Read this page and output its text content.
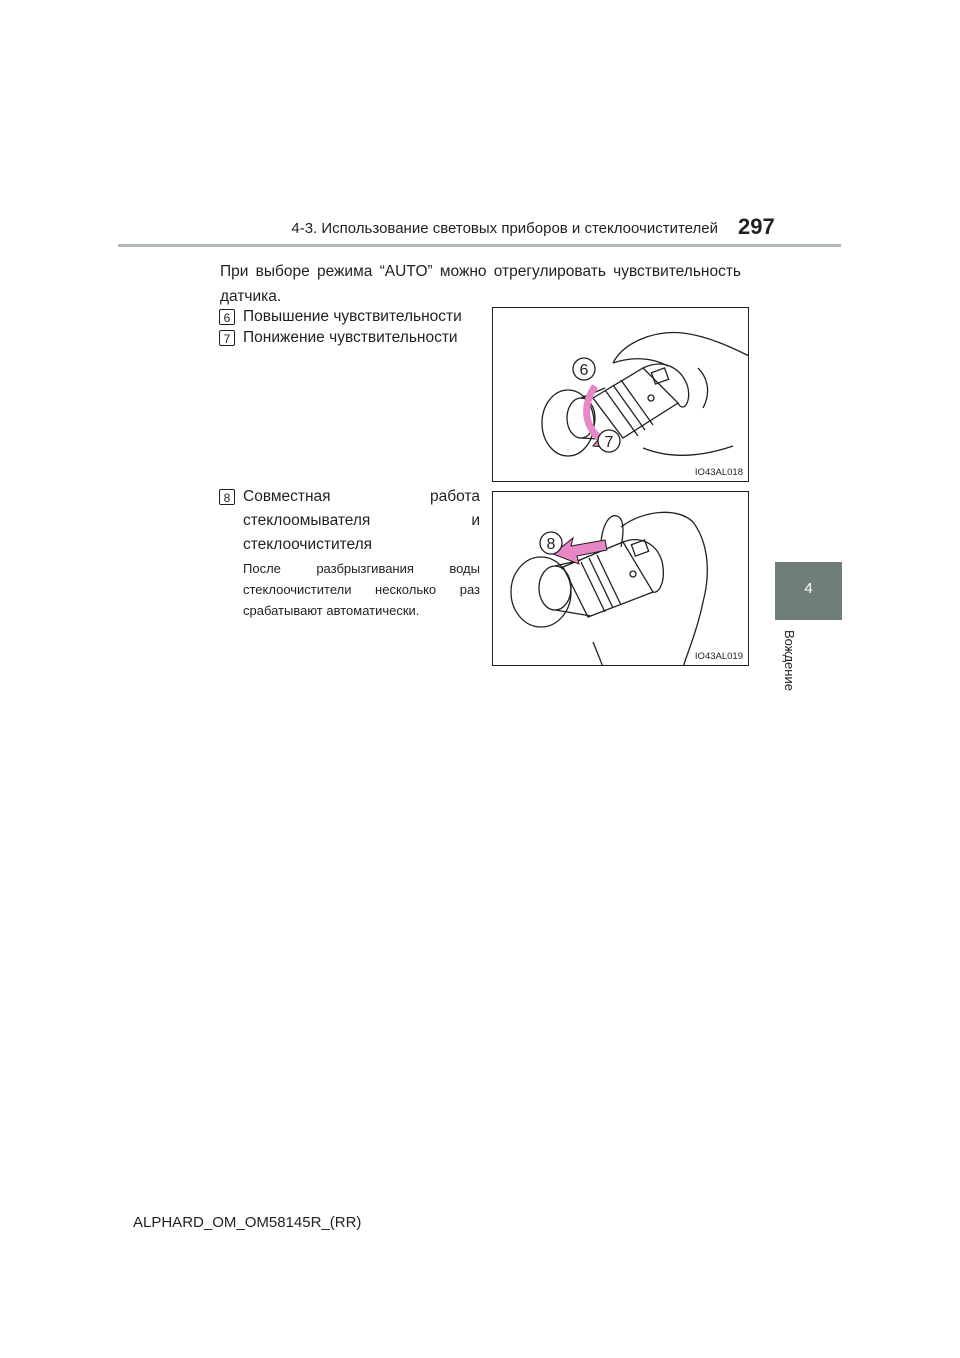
4-3. Использование световых приборов и стеклоочистителей 297
4
Вождение
При выборе режима “AUTO” можно отрегулировать чувствительность
датчика.
6 Повышение чувствительности
7 Понижение чувствительности
8 Совместная работа
стеклоомывателя и
стеклоочистителя
После разбрызгивания воды
стеклоочистители несколько раз
срабатывают автоматически.
6
7
IO43AL018
8
IO43AL019
ALPHARD_OM_OM58145R_(RR)
